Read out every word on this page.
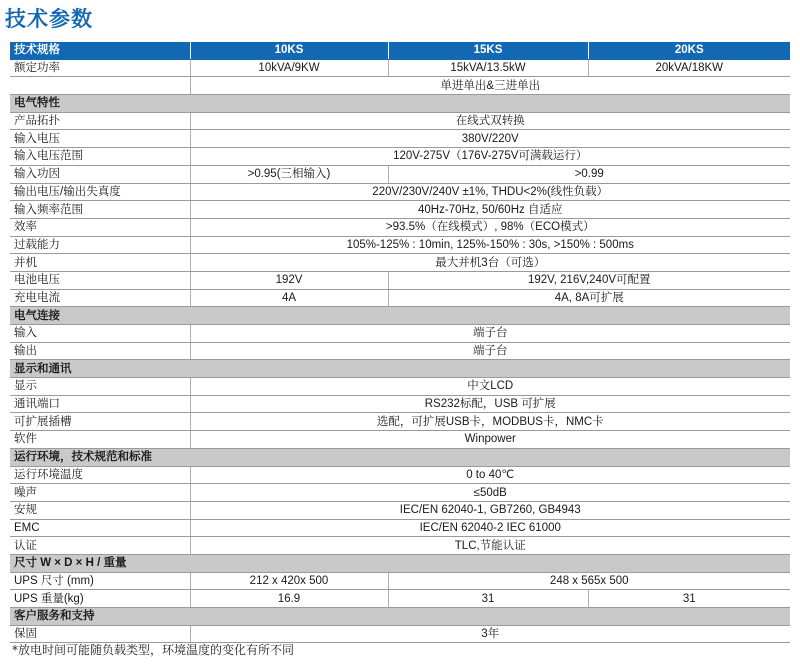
技术参数
技术规格	10KS	15KS	20KS
额定功率	10kVA/9KW	15kVA/13.5kW	20kVA/18KW
	单进单出&三进单出		
电气特性			
产品拓扑	在线式双转换		
输入电压	380V/220V		
输入电压范围	120V-275V（176V-275V可满载运行）		
输入功因	>0.95(三相输入)	>0.99	
输出电压/输出失真度	220V/230V/240V ±1%, THDU<2%(线性负载）		
输入频率范围	40Hz-70Hz, 50/60Hz 自适应		
效率	>93.5%（在线模式）, 98%（ECO模式）		
过载能力	105%-125% : 10min, 125%-150% : 30s, >150% : 500ms		
并机	最大并机3台（可选）		
电池电压	192V	192V, 216V,240V可配置	
充电电流	4A	4A, 8A可扩展	
电气连接			
输入	端子台		
输出	端子台		
显示和通讯			
显示	中文LCD		
通讯端口	RS232标配，USB 可扩展		
可扩展插槽	选配，可扩展USB卡，MODBUS卡，NMC卡		
软件	Winpower		
运行环境，技术规范和标准			
运行环境温度	0 to 40℃		
噪声	≤50dB		
安规	IEC/EN 62040-1, GB7260, GB4943		
EMC	IEC/EN 62040-2 IEC 61000		
认证	TLC,节能认证		
尺寸 W × D × H / 重量			
UPS 尺寸 (mm)	212 x 420x 500	248 x 565x 500	
UPS 重量(kg)	16.9	31	31
客户服务和支持			
保固	3年		
*放电时间可能随负载类型，环境温度的变化有所不同
